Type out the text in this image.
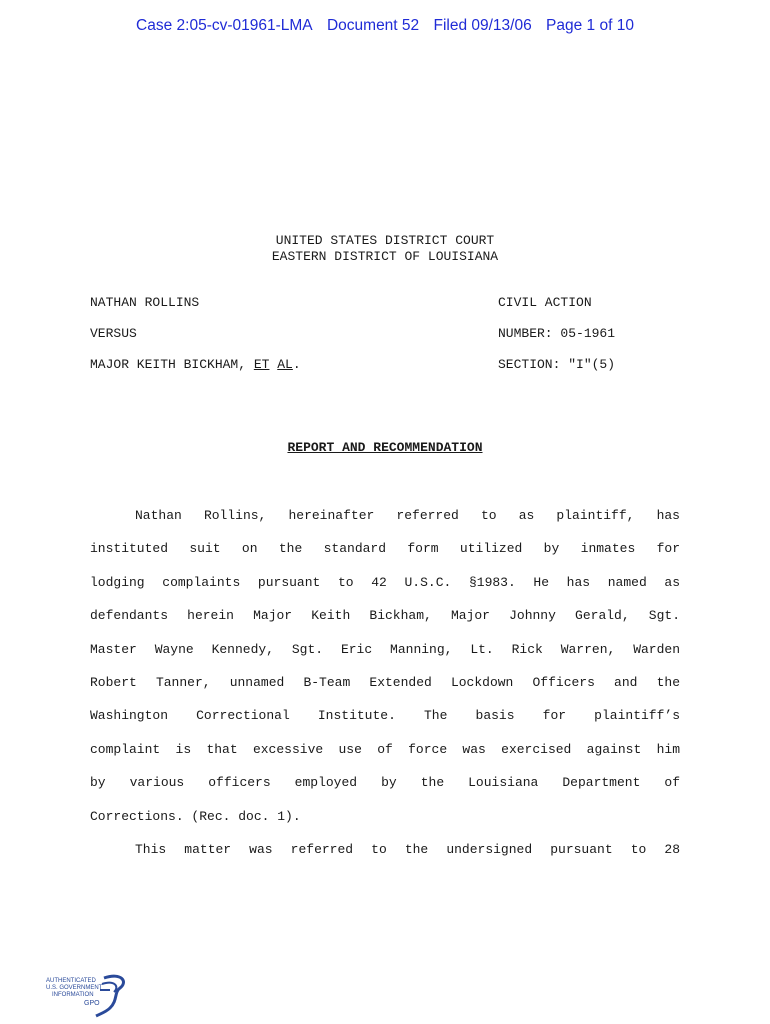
Case 2:05-cv-01961-LMA Document 52 Filed 09/13/06 Page 1 of 10
UNITED STATES DISTRICT COURT
EASTERN DISTRICT OF LOUISIANA
NATHAN ROLLINS
VERSUS
MAJOR KEITH BICKHAM, ET AL.
CIVIL ACTION
NUMBER: 05-1961
SECTION: "I"(5)
REPORT AND RECOMMENDATION
Nathan Rollins, hereinafter referred to as plaintiff, has
instituted suit on the standard form utilized by inmates for
lodging complaints pursuant to 42 U.S.C. §1983. He has named as
defendants herein Major Keith Bickham, Major Johnny Gerald, Sgt.
Master Wayne Kennedy, Sgt. Eric Manning, Lt. Rick Warren, Warden
Robert Tanner, unnamed B-Team Extended Lockdown Officers and the
Washington Correctional Institute. The basis for plaintiff’s
complaint is that excessive use of force was exercised against him
by various officers employed by the Louisiana Department of
Corrections. (Rec. doc. 1).
This matter was referred to the undersigned pursuant to 28
AUTHENTICATED
U.S. GOVERNMENT
INFORMATION
GPO
